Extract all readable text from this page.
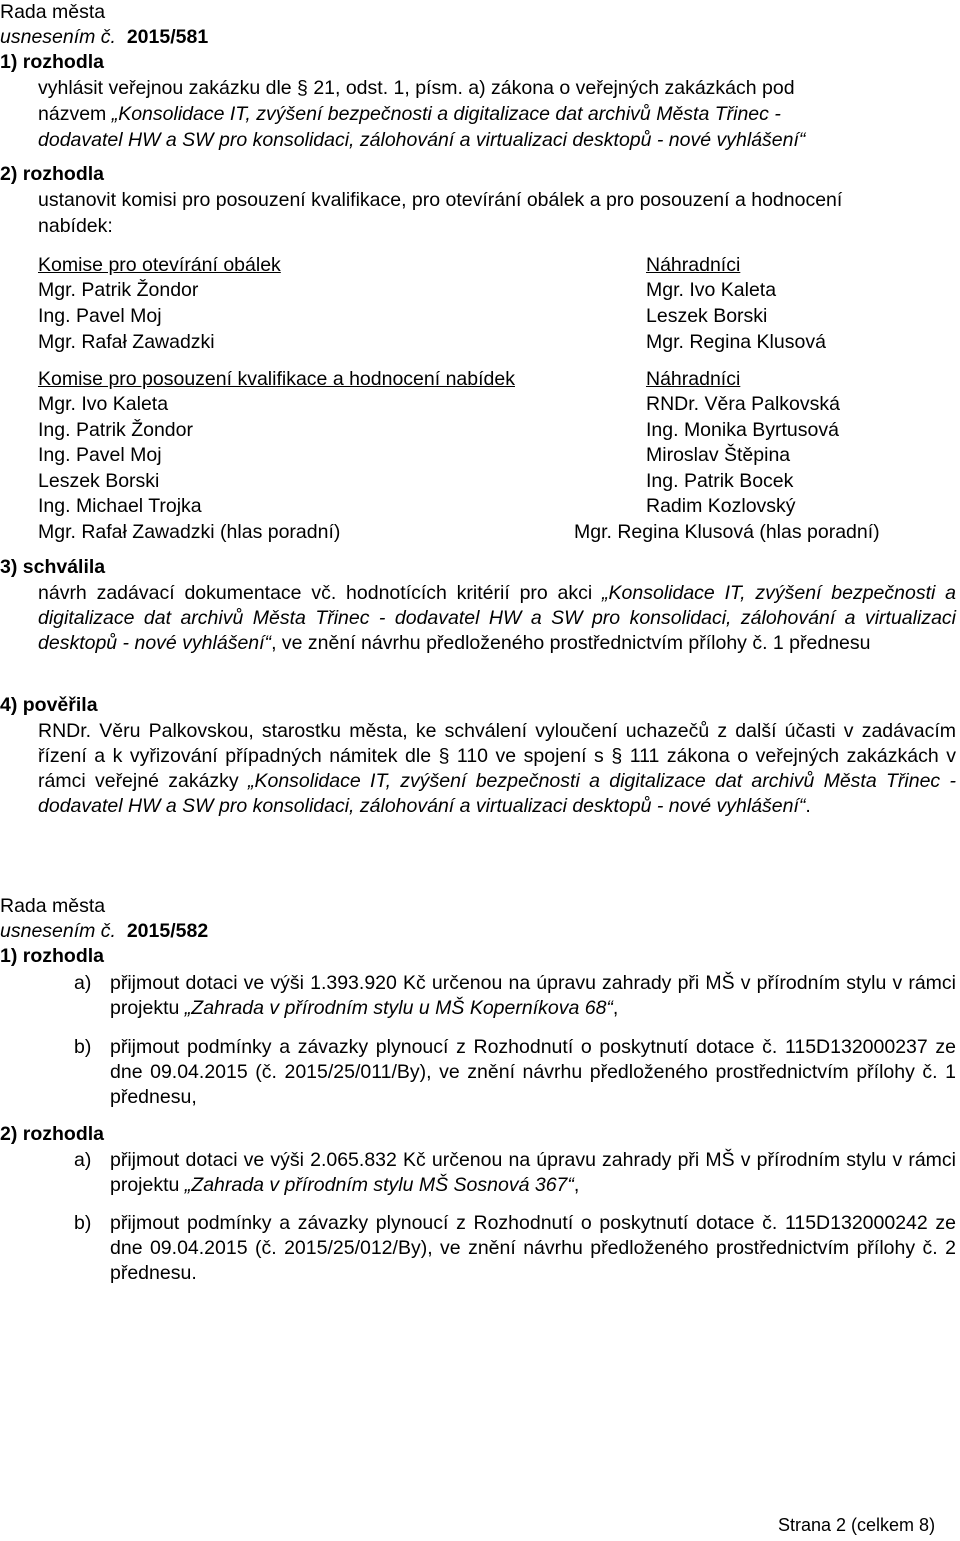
Rada města
usnesením č. 2015/581
1) rozhodla
vyhlásit veřejnou zakázku dle § 21, odst. 1, písm. a) zákona o veřejných zakázkách pod
názvem „Konsolidace IT, zvýšení bezpečnosti a digitalizace dat archivů Města Třinec -
dodavatel HW a SW pro konsolidaci, zálohování a virtualizaci desktopů - nové vyhlášení“
2) rozhodla
ustanovit komisi pro posouzení kvalifikace, pro otevírání obálek a pro posouzení a hodnocení
nabídek:
Komise pro otevírání obálek	Náhradníci
Mgr. Patrik Žondor
Ing. Pavel Moj
Mgr. Rafał Zawadzki
Mgr. Ivo Kaleta
Leszek Borski
Mgr. Regina Klusová
Komise pro posouzení kvalifikace a hodnocení nabídek	Náhradníci
Mgr. Ivo Kaleta
Ing. Patrik Žondor
Ing. Pavel Moj
Leszek Borski
Ing. Michael Trojka
Mgr. Rafał Zawadzki (hlas poradní)
RNDr. Věra Palkovská
Ing. Monika Byrtusová
Miroslav Štěpina
Ing. Patrik Bocek
Radim Kozlovský
Mgr. Regina Klusová (hlas poradní)
3) schválila
návrh zadávací dokumentace vč. hodnotících kritérií pro akci „Konsolidace IT, zvýšení bezpečnosti a digitalizace dat archivů Města Třinec - dodavatel HW a SW pro konsolidaci, zálohování a virtualizaci desktopů - nové vyhlášení“, ve znění návrhu předloženého prostřednictvím přílohy č. 1 přednesu
4) pověřila
RNDr. Věru Palkovskou, starostku města, ke schválení vyloučení uchazečů z další účasti v zadávacím řízení a k vyřizování případných námitek dle § 110 ve spojení s § 111 zákona o veřejných zakázkách v rámci veřejné zakázky „Konsolidace IT, zvýšení bezpečnosti a digitalizace dat archivů Města Třinec - dodavatel HW a SW pro konsolidaci, zálohování a virtualizaci desktopů - nové vyhlášení“.
Rada města
usnesením č. 2015/582
1) rozhodla
a) přijmout dotaci ve výši 1.393.920 Kč určenou na úpravu zahrady při MŠ v přírodním stylu v rámci projektu „Zahrada v přírodním stylu u MŠ Koperníkova 68“,
b) přijmout podmínky a závazky plynoucí z Rozhodnutí o poskytnutí dotace č. 115D132000237 ze dne 09.04.2015 (č. 2015/25/011/By), ve znění návrhu předloženého prostřednictvím přílohy č. 1 přednesu,
2) rozhodla
a) přijmout dotaci ve výši 2.065.832 Kč určenou na úpravu zahrady při MŠ v přírodním stylu v rámci projektu „Zahrada v přírodním stylu MŠ Sosnová 367“,
b) přijmout podmínky a závazky plynoucí z Rozhodnutí o poskytnutí dotace č. 115D132000242 ze dne 09.04.2015 (č. 2015/25/012/By), ve znění návrhu předloženého prostřednictvím přílohy č. 2 přednesu.
Strana 2 (celkem 8)
